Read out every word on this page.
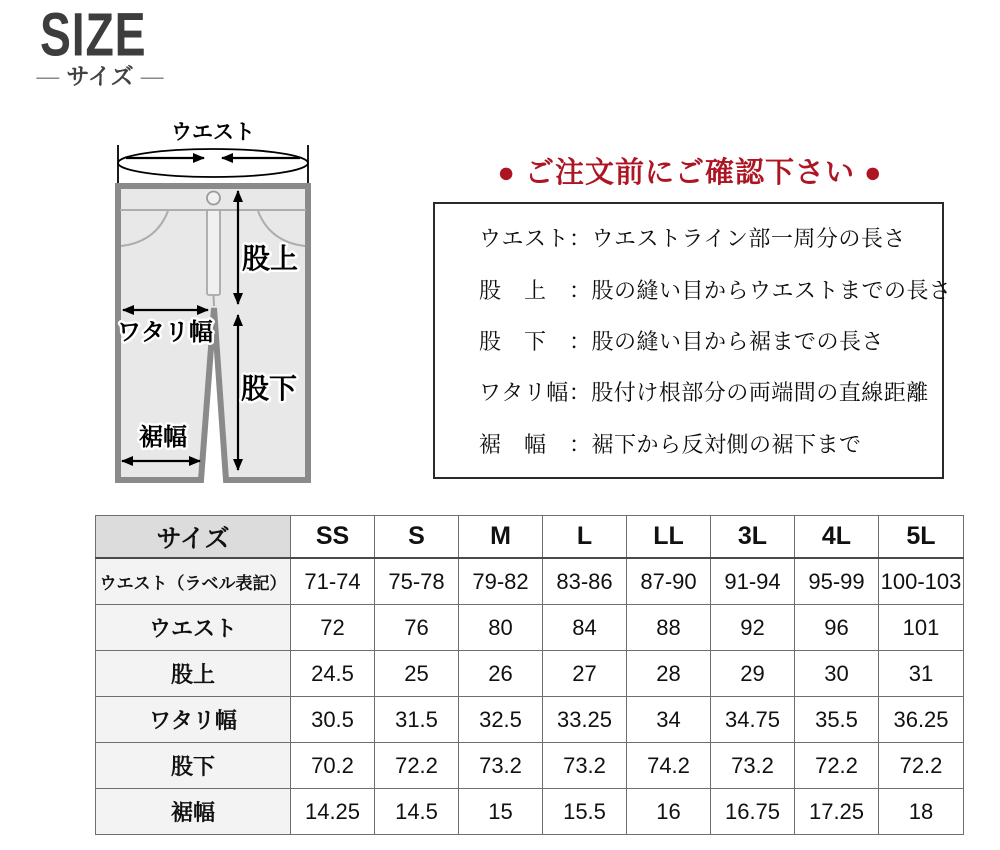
SIZE
— サイズ —
ウエスト
股上
ワタリ幅
股下
裾幅
● ご注文前にご確認下さい ●
ウエスト：ウエストライン部一周分の長さ
股　上　：股の縫い目からウエストまでの長さ
股　下　：股の縫い目から裾までの長さ
ワタリ幅：股付け根部分の両端間の直線距離
裾　幅　：裾下から反対側の裾下まで
サイズ	SS	S	M	L	LL	3L	4L	5L
ウエスト（ラベル表記）	71-74	75-78	79-82	83-86	87-90	91-94	95-99	100-103
ウエスト	72	76	80	84	88	92	96	101
股上	24.5	25	26	27	28	29	30	31
ワタリ幅	30.5	31.5	32.5	33.25	34	34.75	35.5	36.25
股下	70.2	72.2	73.2	73.2	74.2	73.2	72.2	72.2
裾幅	14.25	14.5	15	15.5	16	16.75	17.25	18
